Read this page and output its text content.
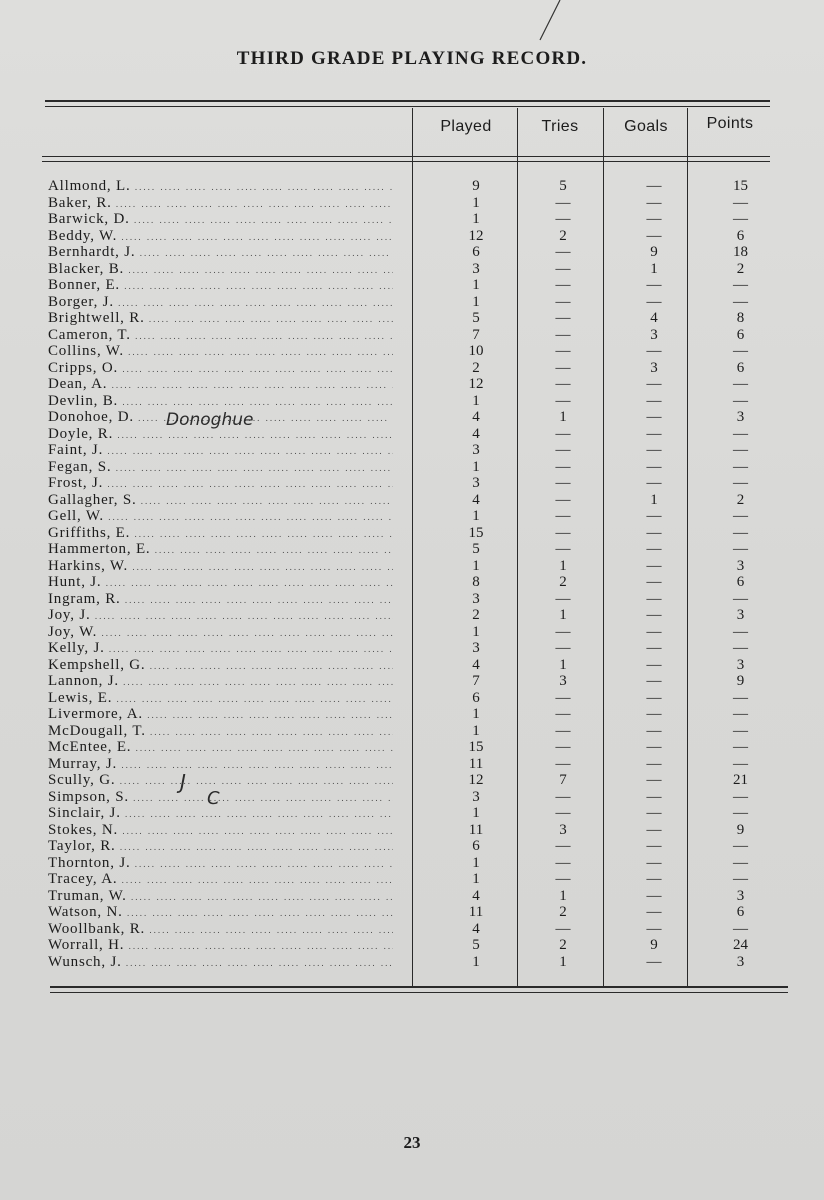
THIRD GRADE PLAYING RECORD.
Played	Tries	Goals	Points
Allmond, L. .....	9	5	—	15
Baker, R. .....	1	—	—	—
Barwick, D. .....	1	—	—	—
Beddy, W. .....	12	2	—	6
Bernhardt, J. .....	6	—	9	18
Blacker, B. .....	3	—	1	2
Bonner, E. .....	1	—	—	—
Borger, J. .....	1	—	—	—
Brightwell, R. .....	5	—	4	8
Cameron, T. .....	7	—	3	6
Collins, W. .....	10	—	—	—
Cripps, O. .....	2	—	3	6
Dean, A. .....	12	—	—	—
Devlin, B. .....	1	—	—	—
Donohoe, D. .....	4	1	—	3
Doyle, R. .....	4	—	—	—
Faint, J. .....	3	—	—	—
Fegan, S. .....	1	—	—	—
Frost, J. .....	3	—	—	—
Gallagher, S. .....	4	—	1	2
Gell, W. .....	1	—	—	—
Griffiths, E. .....	15	—	—	—
Hammerton, E. .....	5	—	—	—
Harkins, W. .....	1	1	—	3
Hunt, J. .....	8	2	—	6
Ingram, R. .....	3	—	—	—
Joy, J. .....	2	1	—	3
Joy, W. .....	1	—	—	—
Kelly, J. .....	3	—	—	—
Kempshell, G. .....	4	1	—	3
Lannon, J. .....	7	3	—	9
Lewis, E. .....	6	—	—	—
Livermore, A. .....	1	—	—	—
McDougall, T. .....	1	—	—	—
McEntee, E. .....	15	—	—	—
Murray, J. .....	11	—	—	—
Scully, G. .....	12	7	—	21
Simpson, S. .....	3	—	—	—
Sinclair, J. .....	1	—	—	—
Stokes, N. .....	11	3	—	9
Taylor, R. .....	6	—	—	—
Thornton, J. .....	1	—	—	—
Tracey, A. .....	1	—	—	—
Truman, W. .....	4	1	—	3
Watson, N. .....	11	2	—	6
Woollbank, R. .....	4	—	—	—
Worrall, H. .....	5	2	9	24
Wunsch, J. .....	1	1	—	3
Donoghue
J
C
23
